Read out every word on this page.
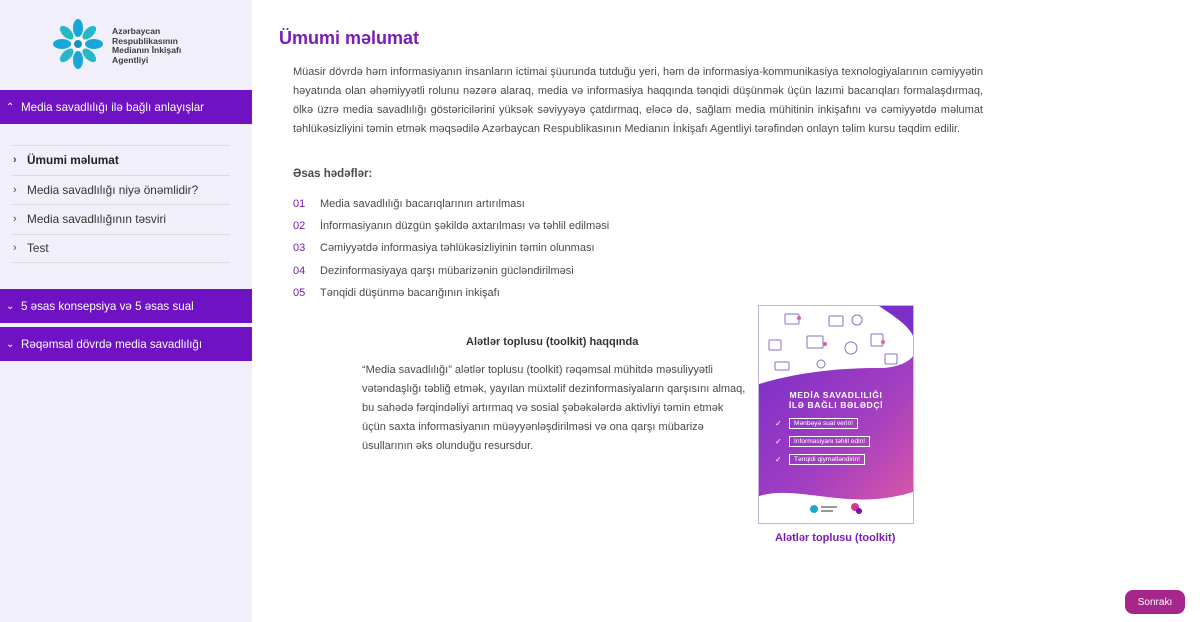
Azərbaycan
Respublikasının
Medianın İnkişafı
Agentliyi
⌃ Media savadlılığı ilə bağlı anlayışlar
› Ümumi məlumat
› Media savadlılığı niyə önəmlidir?
› Media savadlılığının təsviri
› Test
⌄ 5 əsas konsepsiya və 5 əsas sual
⌄ Rəqəmsal dövrdə media savadlılığı
Ümumi məlumat
Müasir dövrdə həm informasiyanın insanların ictimai şüurunda tutduğu yeri, həm də informasiya-kommunikasiya texnologiyalarının cəmiyyətin həyatında olan əhəmiyyətli rolunu nəzərə alaraq, media və informasiya haqqında tənqidi düşünmək üçün lazımi bacarıqları formalaşdırmaq, ölkə üzrə media savadlılığı göstəricilərini yüksək səviyyəyə çatdırmaq, eləcə də, sağlam media mühitinin inkişafını və cəmiyyətdə məlumat təhlükəsizliyini təmin etmək məqsədilə Azərbaycan Respublikasının Medianın İnkişafı Agentliyi tərəfindən onlayn təlim kursu təqdim edilir.
Əsas hədəflər:
01	Media savadlılığı bacarıqlarının artırılması
02	İnformasiyanın düzgün şəkildə axtarılması və təhlil edilməsi
03	Cəmiyyətdə informasiya təhlükəsizliyinin təmin olunması
04	Dezinformasiyaya qarşı mübarizənin gücləndirilməsi
05	Tənqidi düşünmə bacarığının inkişafı
Alətlər toplusu (toolkit) haqqında
“Media savadlılığı” alətlər toplusu (toolkit) rəqəmsal mühitdə məsuliyyətli vətəndaşlığı təbliğ etmək, yayılan müxtəlif dezinformasiyaların qarşısını almaq, bu sahədə fərqindəliyi artırmaq və sosial şəbəkələrdə aktivliyi təmin etmək üçün saxta informasiyanın müəyyənləşdirilməsi və ona qarşı mübarizə üsullarının əks olunduğu resursdur.
MEDİA SAVADLILIĞI
İLƏ BAĞLI BƏLƏDÇİ
✓	Mənbəyə sual verin!
✓	İnformasiyanı təhlil edin!
✓	Tənqidi qiymətləndirin!
Alətlər toplusu (toolkit)
Sonrakı
